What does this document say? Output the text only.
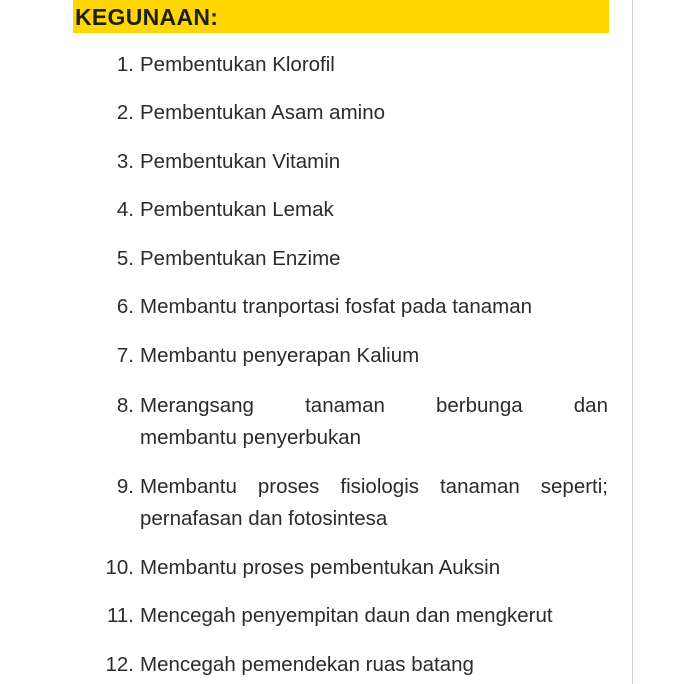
KEGUNAAN:
1. Pembentukan Klorofil
2. Pembentukan Asam amino
3. Pembentukan Vitamin
4. Pembentukan Lemak
5. Pembentukan Enzime
6. Membantu tranportasi fosfat pada tanaman
7. Membantu penyerapan Kalium
8. Merangsang tanaman berbunga dan
membantu penyerbukan
9. Membantu proses fisiologis tanaman seperti;
pernafasan dan fotosintesa
10. Membantu proses pembentukan Auksin
11. Mencegah penyempitan daun dan mengkerut
12. Mencegah pemendekan ruas batang
